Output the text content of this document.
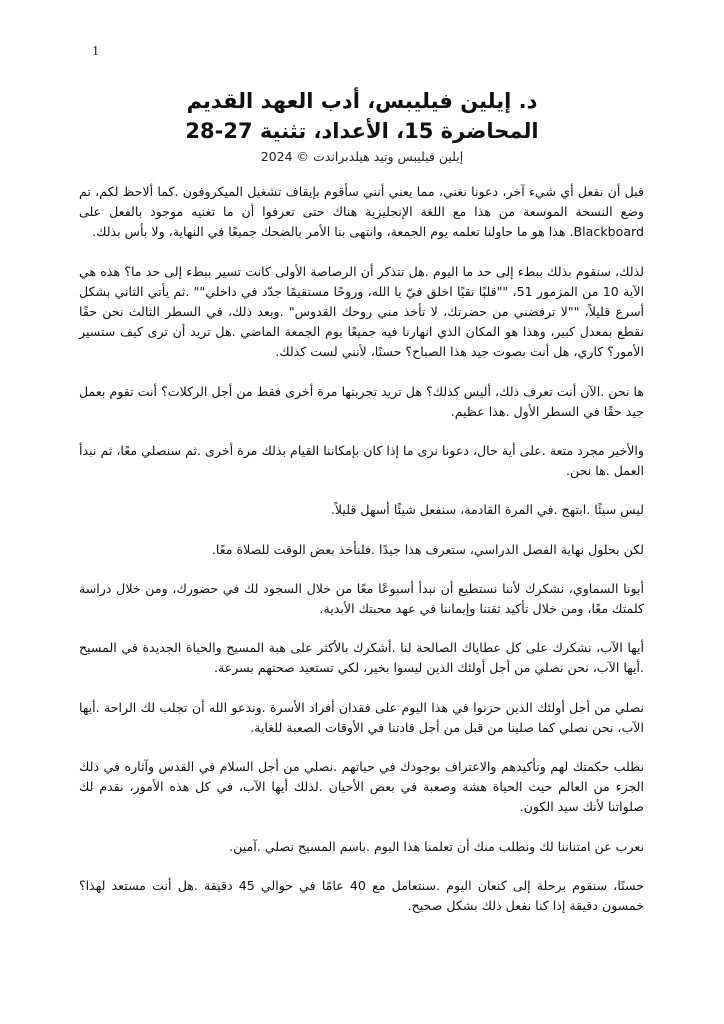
1
د. إيلين فيليبس، أدب العهد القديم
المحاضرة 15، الأعداد، تثنية 27-28
إيلين فيليبس وتيد هيلدبراندت © 2024

قبل أن نفعل أي شيء آخر، دعونا نغني، مما يعني أنني سأقوم بإيقاف تشغيل الميكروفون .كما ألاحظ لكم، تم وضع النسخة الموسعة من هذا مع اللغة الإنجليزية هناك حتى تعرفوا أن ما تغنيه موجود بالفعل على Blackboard. هذا هو ما حاولنا تعلمه يوم الجمعة، وانتهى بنا الأمر بالضحك جميعًا في النهاية، ولا بأس بذلك.

لذلك، سنقوم بذلك ببطء إلى حد ما اليوم .هل تتذكر أن الرصاصة الأولى كانت تسير ببطء إلى حد ما؟ هذه هي الآية 10 من المزمور 51، ""قلبًا نقيًا اخلق فيّ يا الله، وروحًا مستقيمًا جدّد في داخلي"" .ثم يأتي الثاني بشكل أسرع قليلاً، ""لا ترفضني من حضرتك، لا تأخذ مني روحك القدوس" .وبعد ذلك، في السطر الثالث نحن حقًا نقطع بمعدل كبير، وهذا هو المكان الذي انهارنا فيه جميعًا يوم الجمعة الماضي .هل تريد أن ترى كيف ستسير الأمور؟ كاري، هل أنت بصوت جيد هذا الصباح؟ حسنًا، لأنني لست كذلك.

ها نحن .الآن أنت تعرف ذلك، أليس كذلك؟ هل تريد تجربتها مرة أخرى فقط من أجل الركلات؟ أنت تقوم بعمل جيد حقًا في السطر الأول .هذا عظيم.

والأخير مجرد متعة .على أية حال، دعونا نرى ما إذا كان بإمكاننا القيام بذلك مرة أخرى .ثم سنصلي معًا، ثم نبدأ العمل .ها نحن.

ليس سيئًا .ابتهج .في المرة القادمة، سنفعل شيئًا أسهل قليلاً.

لكن بحلول نهاية الفصل الدراسي، ستعرف هذا جيدًا .فلنأخذ بعض الوقت للصلاة معًا.

أبونا السماوي، نشكرك لأننا نستطيع أن نبدأ أسبوعًا معًا من خلال السجود لك في حضورك، ومن خلال دراسة كلمتك معًا، ومن خلال تأكيد ثقتنا وإيماننا في عهد محبتك الأبدية.

أيها الآب، نشكرك على كل عطاياك الصالحة لنا .أشكرك بالأكثر على هبة المسيح والحياة الجديدة في المسيح .أيها الآب، نحن نصلي من أجل أولئك الذين ليسوا بخير، لكي تستعيد صحتهم بسرعة.

نصلي من أجل أولئك الذين حزنوا في هذا اليوم على فقدان أفراد الأسرة .وندعو الله أن تجلب لك الراحة .أيها الآب، نحن نصلي كما صلينا من قبل من أجل قادتنا في الأوقات الصعبة للغاية.

نطلب حكمتك لهم وتأكيدهم والاعتراف بوجودك في حياتهم .نصلي من أجل السلام في القدس وآثاره في ذلك الجزء من العالم حيث الحياة هشة وصعبة في بعض الأحيان .لذلك أيها الآب، في كل هذه الأمور، نقدم لك صلواتنا لأنك سيد الكون.

نعرب عن امتناننا لك ونطلب منك أن تعلمنا هذا اليوم .باسم المسيح نصلي .آمين.

حسنًا، سنقوم برحلة إلى كنعان اليوم .سنتعامل مع 40 عامًا في حوالي 45 دقيقة .هل أنت مستعد لهذا؟ خمسون دقيقة إذا كنا نفعل ذلك بشكل صحيح.
